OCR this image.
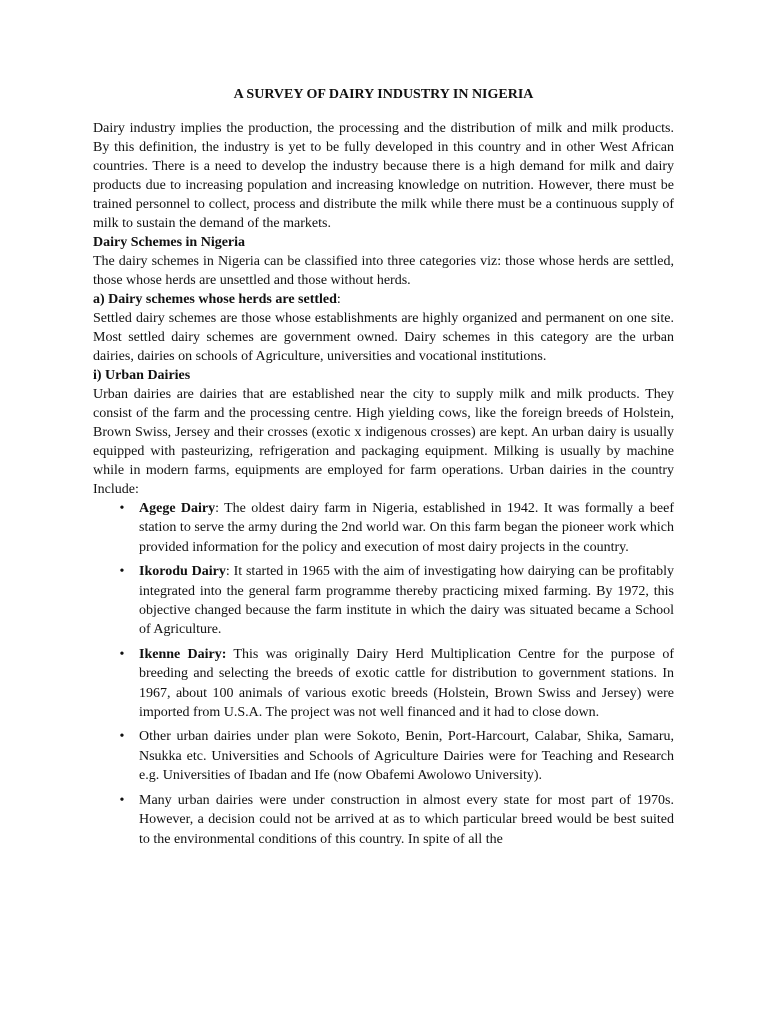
A SURVEY OF DAIRY INDUSTRY IN NIGERIA

Dairy industry implies the production, the processing and the distribution of milk and milk products. By this definition, the industry is yet to be fully developed in this country and in other West African countries. There is a need to develop the industry because there is a high demand for milk and dairy products due to increasing population and increasing knowledge on nutrition. However, there must be trained personnel to collect, process and distribute the milk while there must be a continuous supply of milk to sustain the demand of the markets.

Dairy Schemes in Nigeria

The dairy schemes in Nigeria can be classified into three categories viz: those whose herds are settled, those whose herds are unsettled and those without herds.

a) Dairy schemes whose herds are settled:

Settled dairy schemes are those whose establishments are highly organized and permanent on one site. Most settled dairy schemes are government owned. Dairy schemes in this category are the urban dairies, dairies on schools of Agriculture, universities and vocational institutions.

i) Urban Dairies

Urban dairies are dairies that are established near the city to supply milk and milk products. They consist of the farm and the processing centre. High yielding cows, like the foreign breeds of Holstein, Brown Swiss, Jersey and their crosses (exotic x indigenous crosses) are kept. An urban dairy is usually equipped with pasteurizing, refrigeration and packaging equipment. Milking is usually by machine while in modern farms, equipments are employed for farm operations. Urban dairies in the country Include:

•	Agege Dairy: The oldest dairy farm in Nigeria, established in 1942. It was formally a beef station to serve the army during the 2nd world war. On this farm began the pioneer work which provided information for the policy and execution of most dairy projects in the country.
•	Ikorodu Dairy: It started in 1965 with the aim of investigating how dairying can be profitably integrated into the general farm programme thereby practicing mixed farming. By 1972, this objective changed because the farm institute in which the dairy was situated became a School of Agriculture.
•	Ikenne Dairy: This was originally Dairy Herd Multiplication Centre for the purpose of breeding and selecting the breeds of exotic cattle for distribution to government stations. In 1967, about 100 animals of various exotic breeds (Holstein, Brown Swiss and Jersey) were imported from U.S.A. The project was not well financed and it had to close down.
•	Other urban dairies under plan were Sokoto, Benin, Port-Harcourt, Calabar, Shika, Samaru, Nsukka etc. Universities and Schools of Agriculture Dairies were for Teaching and Research e.g. Universities of Ibadan and Ife (now Obafemi Awolowo University).
•	Many urban dairies were under construction in almost every state for most part of 1970s. However, a decision could not be arrived at as to which particular breed would be best suited to the environmental conditions of this country. In spite of all the
